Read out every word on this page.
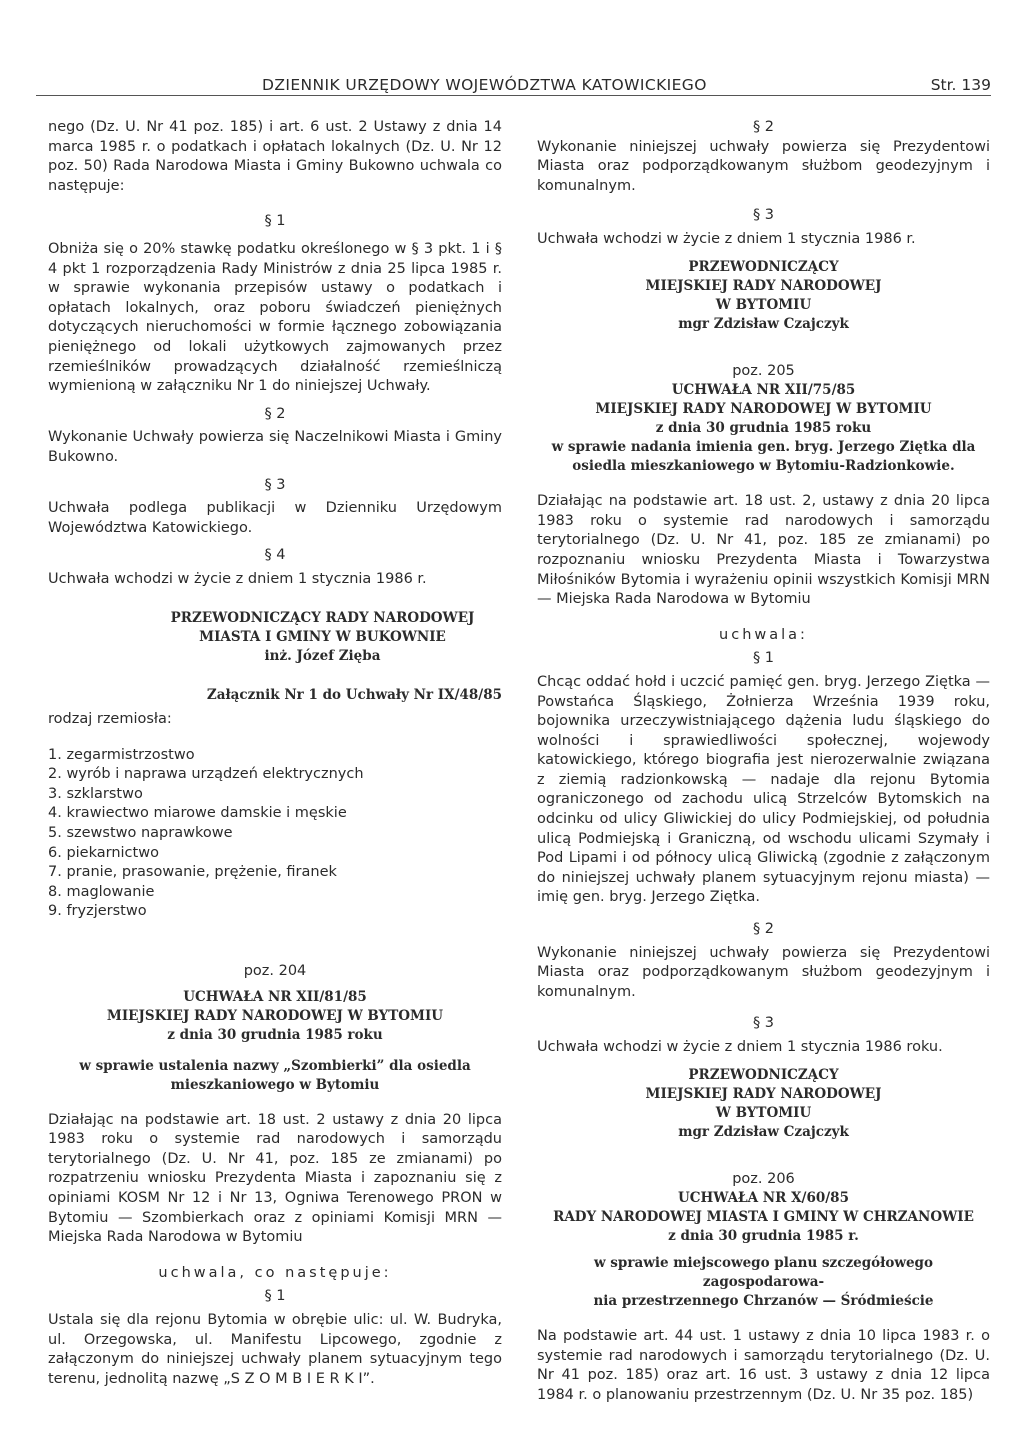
DZIENNIK URZĘDOWY WOJEWÓDZTWA KATOWICKIEGO	Str. 139

nego (Dz. U. Nr 41 poz. 185) i art. 6 ust. 2 Ustawy z dnia 14 marca 1985 r. o podatkach i opłatach lokalnych (Dz. U. Nr 12 poz. 50) Rada Narodowa Miasta i Gminy Bukowno uchwala co następuje:

§ 1

Obniża się o 20% stawkę podatku określonego w § 3 pkt. 1 i § 4 pkt 1 rozporządzenia Rady Ministrów z dnia 25 lipca 1985 r. w sprawie wykonania przepisów ustawy o podatkach i opłatach lokalnych, oraz poboru świadczeń pieniężnych dotyczących nieruchomości w formie łącznego zobowiązania pieniężnego od lokali użytkowych zajmowanych przez rzemieślników prowadzących działalność rzemieślniczą wymienioną w załączniku Nr 1 do niniejszej Uchwały.

§ 2

Wykonanie Uchwały powierza się Naczelnikowi Miasta i Gminy Bukowno.

§ 3

Uchwała podlega publikacji w Dzienniku Urzędowym Województwa Katowickiego.

§ 4

Uchwała wchodzi w życie z dniem 1 stycznia 1986 r.

PRZEWODNICZĄCY RADY NARODOWEJ

MIASTA I GMINY W BUKOWNIE

inż. Józef Zięba

Załącznik Nr 1 do Uchwały Nr IX/48/85

rodzaj rzemiosła:

1. zegarmistrzostwo
2. wyrób i naprawa urządzeń elektrycznych
3. szklarstwo
4. krawiectwo miarowe damskie i męskie
5. szewstwo naprawkowe
6. piekarnictwo
7. pranie, prasowanie, prężenie, firanek
8. maglowanie
9. fryzjerstwo

poz. 204

UCHWAŁA NR XII/81/85

MIEJSKIEJ RADY NARODOWEJ W BYTOMIU

z dnia 30 grudnia 1985 roku

w sprawie ustalenia nazwy „Szombierki” dla osiedla

mieszkaniowego w Bytomiu

Działając na podstawie art. 18 ust. 2 ustawy z dnia 20 lipca 1983 roku o systemie rad narodowych i samorządu terytorialnego (Dz. U. Nr 41, poz. 185 ze zmianami) po rozpatrzeniu wniosku Prezydenta Miasta i zapoznaniu się z opiniami KOSM Nr 12 i Nr 13, Ogniwa Terenowego PRON w Bytomiu — Szombierkach oraz z opiniami Komisji MRN — Miejska Rada Narodowa w Bytomiu

uchwala, co następuje:

§ 1

Ustala się dla rejonu Bytomia w obrębie ulic: ul. W. Budryka, ul. Orzegowska, ul. Manifestu Lipcowego, zgodnie z załączonym do niniejszej uchwały planem sytuacyjnym tego terenu, jednolitą nazwę „S Z O M B I E R K I”.

§ 2

Wykonanie niniejszej uchwały powierza się Prezydentowi Miasta oraz podporządkowanym służbom geodezyjnym i komunalnym.

§ 3

Uchwała wchodzi w życie z dniem 1 stycznia 1986 r.

PRZEWODNICZĄCY

MIEJSKIEJ RADY NARODOWEJ

W BYTOMIU

mgr Zdzisław Czajczyk

poz. 205

UCHWAŁA NR XII/75/85

MIEJSKIEJ RADY NARODOWEJ W BYTOMIU

z dnia 30 grudnia 1985 roku

w sprawie nadania imienia gen. bryg. Jerzego Ziętka dla

osiedla mieszkaniowego w Bytomiu-Radzionkowie.

Działając na podstawie art. 18 ust. 2, ustawy z dnia 20 lipca 1983 roku o systemie rad narodowych i samorządu terytorialnego (Dz. U. Nr 41, poz. 185 ze zmianami) po rozpoznaniu wniosku Prezydenta Miasta i Towarzystwa Miłośników Bytomia i wyrażeniu opinii wszystkich Komisji MRN — Miejska Rada Narodowa w Bytomiu

uchwala:

§ 1

Chcąc oddać hołd i uczcić pamięć gen. bryg. Jerzego Ziętka — Powstańca Śląskiego, Żołnierza Września 1939 roku, bojownika urzeczywistniającego dążenia ludu śląskiego do wolności i sprawiedliwości społecznej, wojewody katowickiego, którego biografia jest nierozerwalnie związana z ziemią radzionkowską — nadaje dla rejonu Bytomia ograniczonego od zachodu ulicą Strzelców Bytomskich na odcinku od ulicy Gliwickiej do ulicy Podmiejskiej, od południa ulicą Podmiejską i Graniczną, od wschodu ulicami Szymały i Pod Lipami i od północy ulicą Gliwicką (zgodnie z załączonym do niniejszej uchwały planem sytuacyjnym rejonu miasta) — imię gen. bryg. Jerzego Ziętka.

§ 2

Wykonanie niniejszej uchwały powierza się Prezydentowi Miasta oraz podporządkowanym służbom geodezyjnym i komunalnym.

§ 3

Uchwała wchodzi w życie z dniem 1 stycznia 1986 roku.

PRZEWODNICZĄCY

MIEJSKIEJ RADY NARODOWEJ

W BYTOMIU

mgr Zdzisław Czajczyk

poz. 206

UCHWAŁA NR X/60/85

RADY NARODOWEJ MIASTA I GMINY W CHRZANOWIE

z dnia 30 grudnia 1985 r.

w sprawie miejscowego planu szczegółowego zagospodarowa-

nia przestrzennego Chrzanów — Śródmieście

Na podstawie art. 44 ust. 1 ustawy z dnia 10 lipca 1983 r. o systemie rad narodowych i samorządu terytorialnego (Dz. U. Nr 41 poz. 185) oraz art. 16 ust. 3 ustawy z dnia 12 lipca 1984 r. o planowaniu przestrzennym (Dz. U. Nr 35 poz. 185)
